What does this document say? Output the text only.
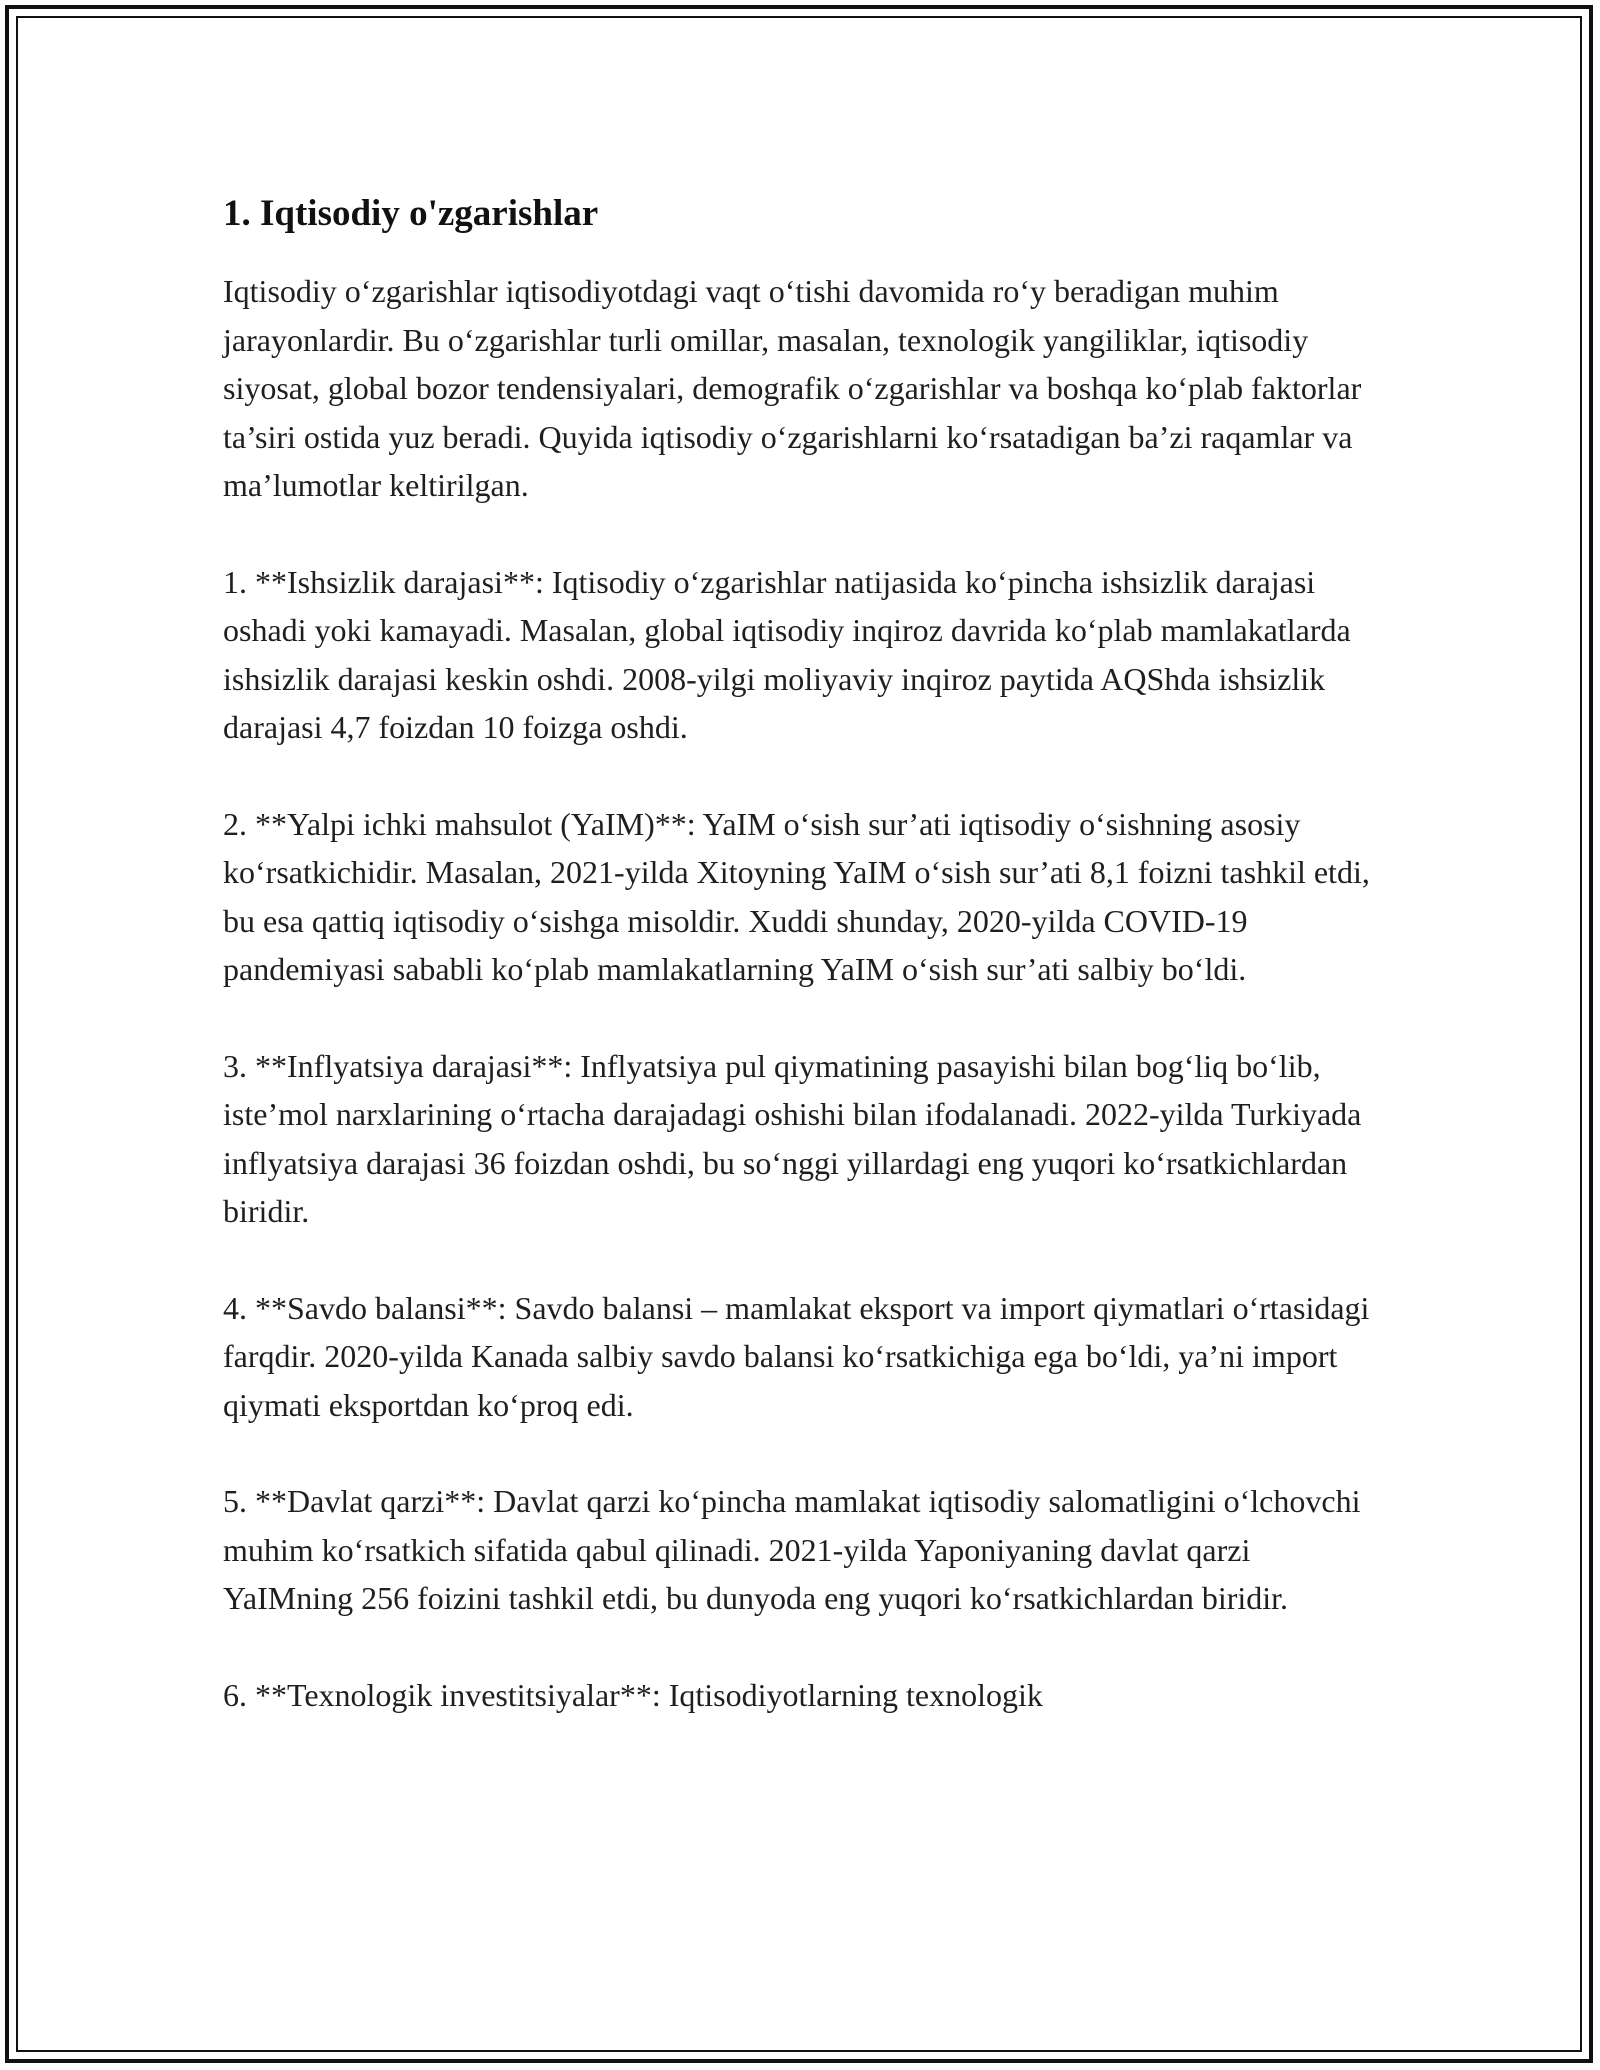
1. Iqtisodiy o'zgarishlar

Iqtisodiy o‘zgarishlar iqtisodiyotdagi vaqt o‘tishi davomida ro‘y beradigan muhim jarayonlardir. Bu o‘zgarishlar turli omillar, masalan, texnologik yangiliklar, iqtisodiy siyosat, global bozor tendensiyalari, demografik o‘zgarishlar va boshqa ko‘plab faktorlar ta’siri ostida yuz beradi. Quyida iqtisodiy o‘zgarishlarni ko‘rsatadigan ba’zi raqamlar va ma’lumotlar keltirilgan.

1. **Ishsizlik darajasi**: Iqtisodiy o‘zgarishlar natijasida ko‘pincha ishsizlik darajasi oshadi yoki kamayadi. Masalan, global iqtisodiy inqiroz davrida ko‘plab mamlakatlarda ishsizlik darajasi keskin oshdi. 2008-yilgi moliyaviy inqiroz paytida AQShda ishsizlik darajasi 4,7 foizdan 10 foizga oshdi.

2. **Yalpi ichki mahsulot (YaIM)**: YaIM o‘sish sur’ati iqtisodiy o‘sishning asosiy ko‘rsatkichidir. Masalan, 2021-yilda Xitoyning YaIM o‘sish sur’ati 8,1 foizni tashkil etdi, bu esa qattiq iqtisodiy o‘sishga misoldir. Xuddi shunday, 2020-yilda COVID-19 pandemiyasi sababli ko‘plab mamlakatlarning YaIM o‘sish sur’ati salbiy bo‘ldi.

3. **Inflyatsiya darajasi**: Inflyatsiya pul qiymatining pasayishi bilan bog‘liq bo‘lib, iste’mol narxlarining o‘rtacha darajadagi oshishi bilan ifodalanadi. 2022-yilda Turkiyada inflyatsiya darajasi 36 foizdan oshdi, bu so‘nggi yillardagi eng yuqori ko‘rsatkichlardan biridir.

4. **Savdo balansi**: Savdo balansi – mamlakat eksport va import qiymatlari o‘rtasidagi farqdir. 2020-yilda Kanada salbiy savdo balansi ko‘rsatkichiga ega bo‘ldi, ya’ni import qiymati eksportdan ko‘proq edi.

5. **Davlat qarzi**: Davlat qarzi ko‘pincha mamlakat iqtisodiy salomatligini o‘lchovchi muhim ko‘rsatkich sifatida qabul qilinadi. 2021-yilda Yaponiyaning davlat qarzi YaIMning 256 foizini tashkil etdi, bu dunyoda eng yuqori ko‘rsatkichlardan biridir.

6. **Texnologik investitsiyalar**: Iqtisodiyotlarning texnologik
